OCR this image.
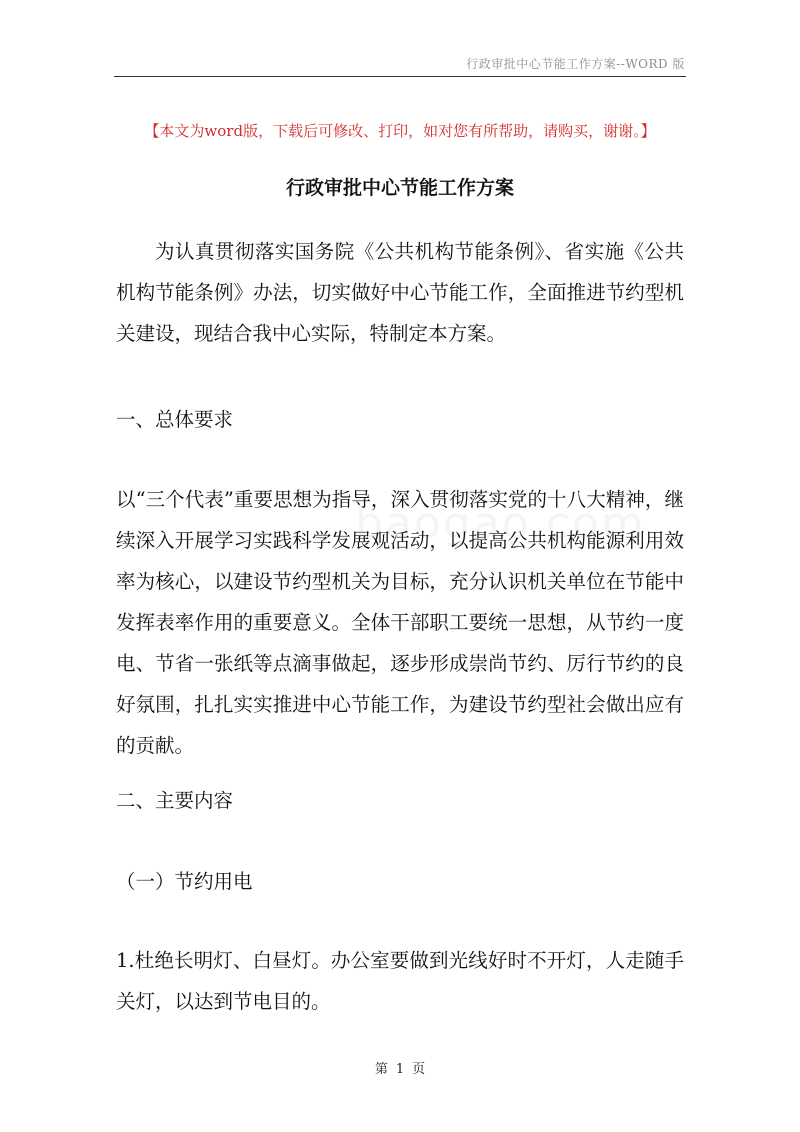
行政审批中心节能工作方案--WORD 版
【本文为word版，下载后可修改、打印，如对您有所帮助，请购买，谢谢。】
行政审批中心节能工作方案
为认真贯彻落实国务院《公共机构节能条例》、省实施《公共机构节能条例》办法，切实做好中心节能工作，全面推进节约型机关建设，现结合我中心实际，特制定本方案。
一、总体要求
以“三个代表”重要思想为指导，深入贯彻落实党的十八大精神，继续深入开展学习实践科学发展观活动，以提高公共机构能源利用效率为核心，以建设节约型机关为目标，充分认识机关单位在节能中发挥表率作用的重要意义。全体干部职工要统一思想，从节约一度电、节省一张纸等点滴事做起，逐步形成崇尚节约、厉行节约的良好氛围，扎扎实实推进中心节能工作，为建设节约型社会做出应有的贡献。
二、主要内容
（一）节约用电
1.杜绝长明灯、白昼灯。办公室要做到光线好时不开灯，人走随手关灯，以达到节电目的。
第 1 页
